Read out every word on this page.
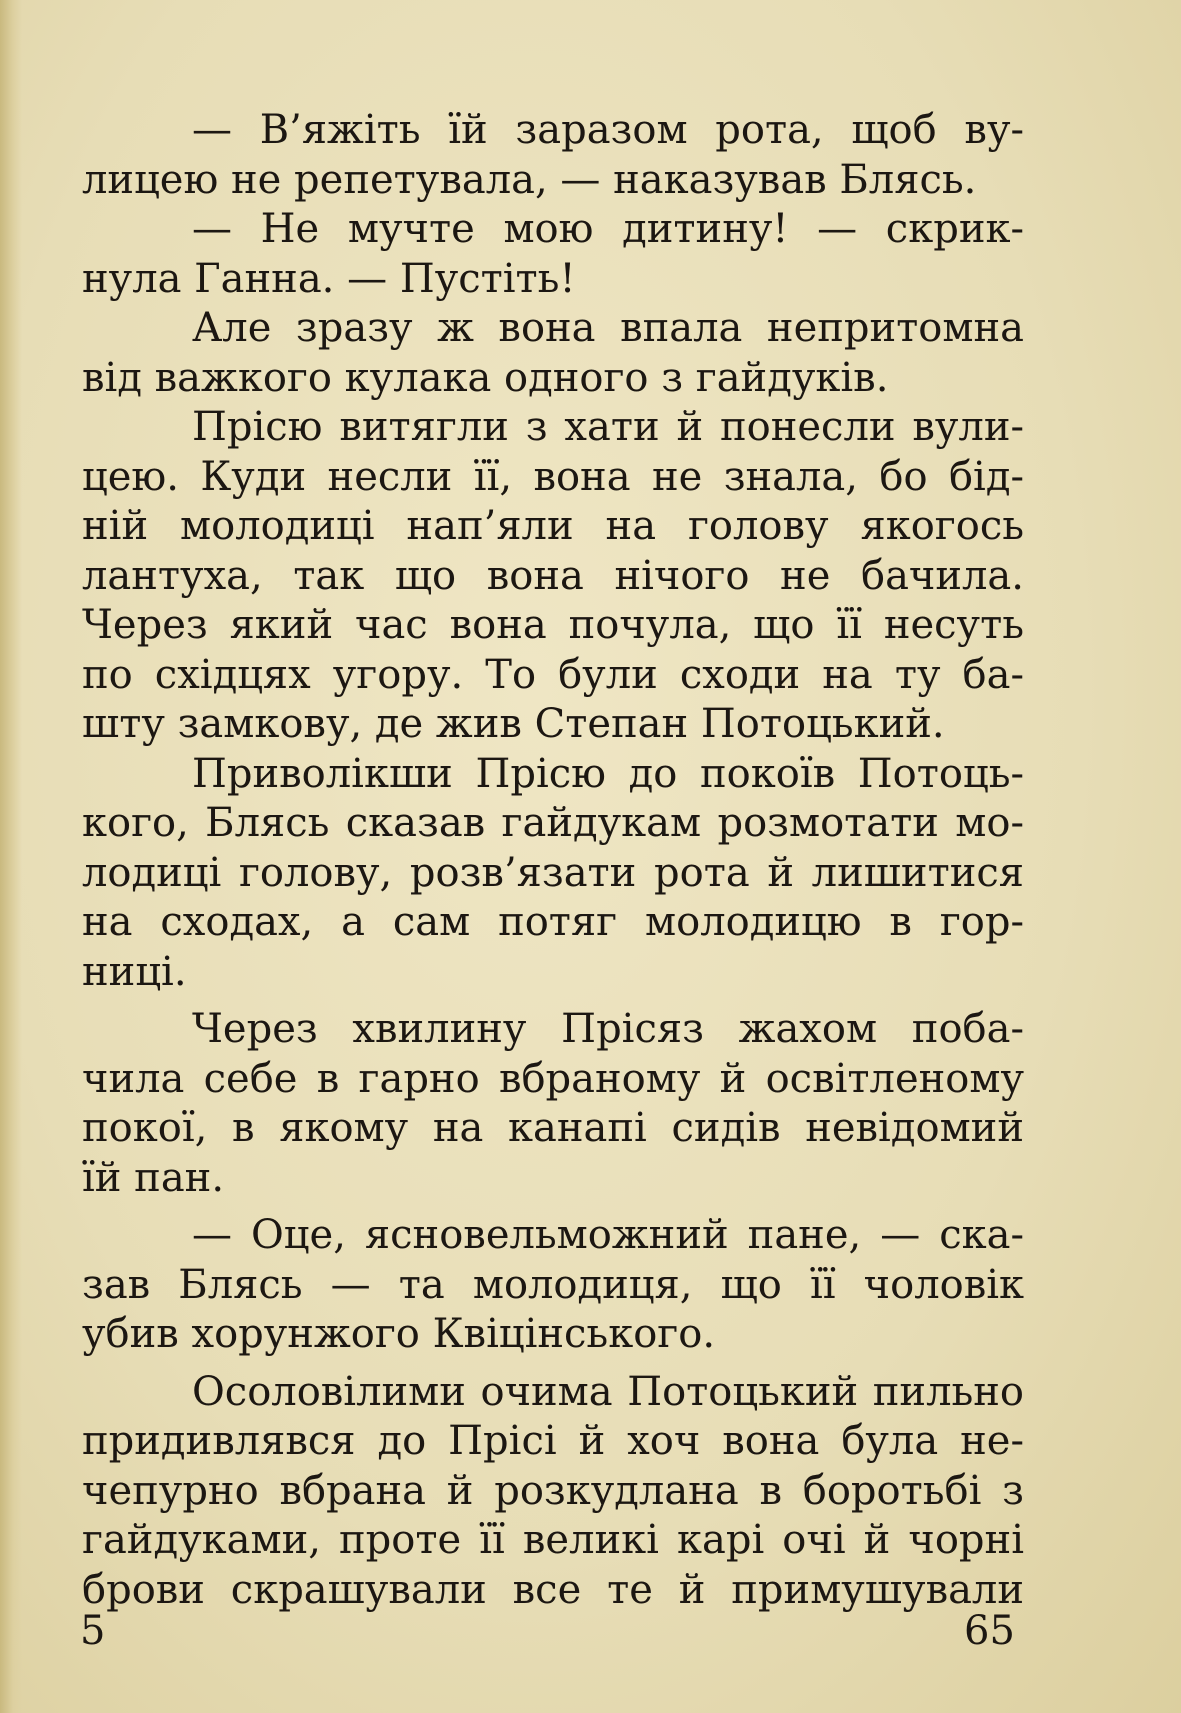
— В’яжіть їй заразом рота, щоб ву-
лицею не репетувала, — наказував Блясь.
— Не мучте мою дитину! — скрик-
нула Ганна. — Пустіть!
Але зразу ж вона впала непритомна
від важкого кулака одного з гайдуків.
Прісю витягли з хати й понесли вули-
цею. Куди несли її, вона не знала, бо бід-
ній молодиці нап’яли на голову якогось
лантуха, так що вона нічого не бачила.
Через який час вона почула, що її несуть
по східцях угору. То були сходи на ту ба-
шту замкову, де жив Степан Потоцький.
Приволікши Прісю до покоїв Потоць-
кого, Блясь сказав гайдукам розмотати мо-
лодиці голову, розв’язати рота й лишитися
на сходах, а сам потяг молодицю в гор-
ниці.
Через хвилину Прісяз жахом поба-
чила себе в гарно вбраному й освітленому
покої, в якому на канапі сидів невідомий
їй пан.
— Оце, ясновельможний пане, — ска-
зав Блясь — та молодиця, що її чоловік
убив хорунжого Квіцінського.
Осоловілими очима Потоцький пильно
придивлявся до Прісі й хоч вона була не-
чепурно вбрана й розкудлана в боротьбі з
гайдуками, проте її великі карі очі й чорні
брови скрашували все те й примушували
5	65
